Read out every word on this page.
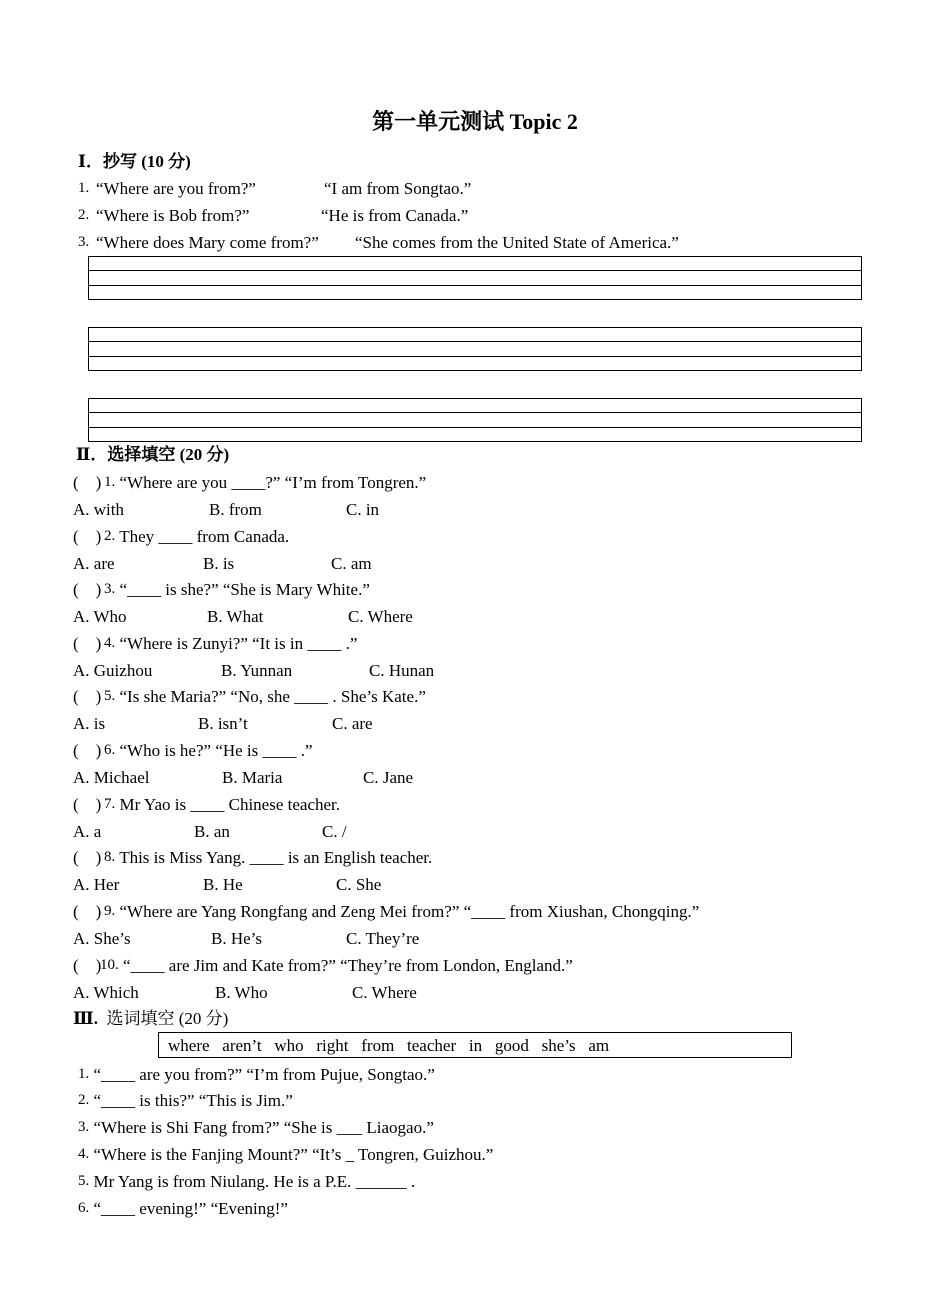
第一单元测试 Topic 2
Ⅰ．抄写 (10 分)
1. “Where are you from?”	“I am from Songtao.”
2. “Where is Bob from?”	“He is from Canada.”
3. “Where does Mary come from?” “She comes from the United State of America.”
Ⅱ．选择填空 (20 分)
(　) 1. “Where are you ____?” “I’m from Tongren.”
A. with	B. from	C. in
(　) 2. They ____ from Canada.
A. are	B. is	C. am
(　) 3. “____ is she?” “She is Mary White.”
A. Who	B. What	C. Where
(　) 4. “Where is Zunyi?” “It is in ____ .”
A. Guizhou	B. Yunnan	C. Hunan
(　) 5. “Is she Maria?” “No, she ____ . She’s Kate.”
A. is	B. isn’t	C. are
(　) 6. “Who is he?” “He is ____ .”
A. Michael	B. Maria	C. Jane
(　) 7. Mr Yao is ____ Chinese teacher.
A. a	B. an	C. /
(　) 8. This is Miss Yang. ____ is an English teacher.
A. Her	B. He	C. She
(　) 9. “Where are Yang Rongfang and Zeng Mei from?” “____ from Xiushan, Chongqing.”
A. She’s	B. He’s	C. They’re
(　)
10. “____ are Jim and Kate from?” “They’re from London, England.”
A. Which	B. Who	C. Where
Ⅲ. 选词填空 (20 分)
where   aren’t   who   right   from   teacher   in   good   she’s   am
1. “____ are you from?” “I’m from Pujue, Songtao.”
2. “____ is this?” “This is Jim.”
3. “Where is Shi Fang from?” “She is ___ Liaogao.”
4. “Where is the Fanjing Mount?” “It’s _ Tongren, Guizhou.”
5. Mr Yang is from Niulang. He is a P.E. ______ .
6. “____ evening!” “Evening!”
